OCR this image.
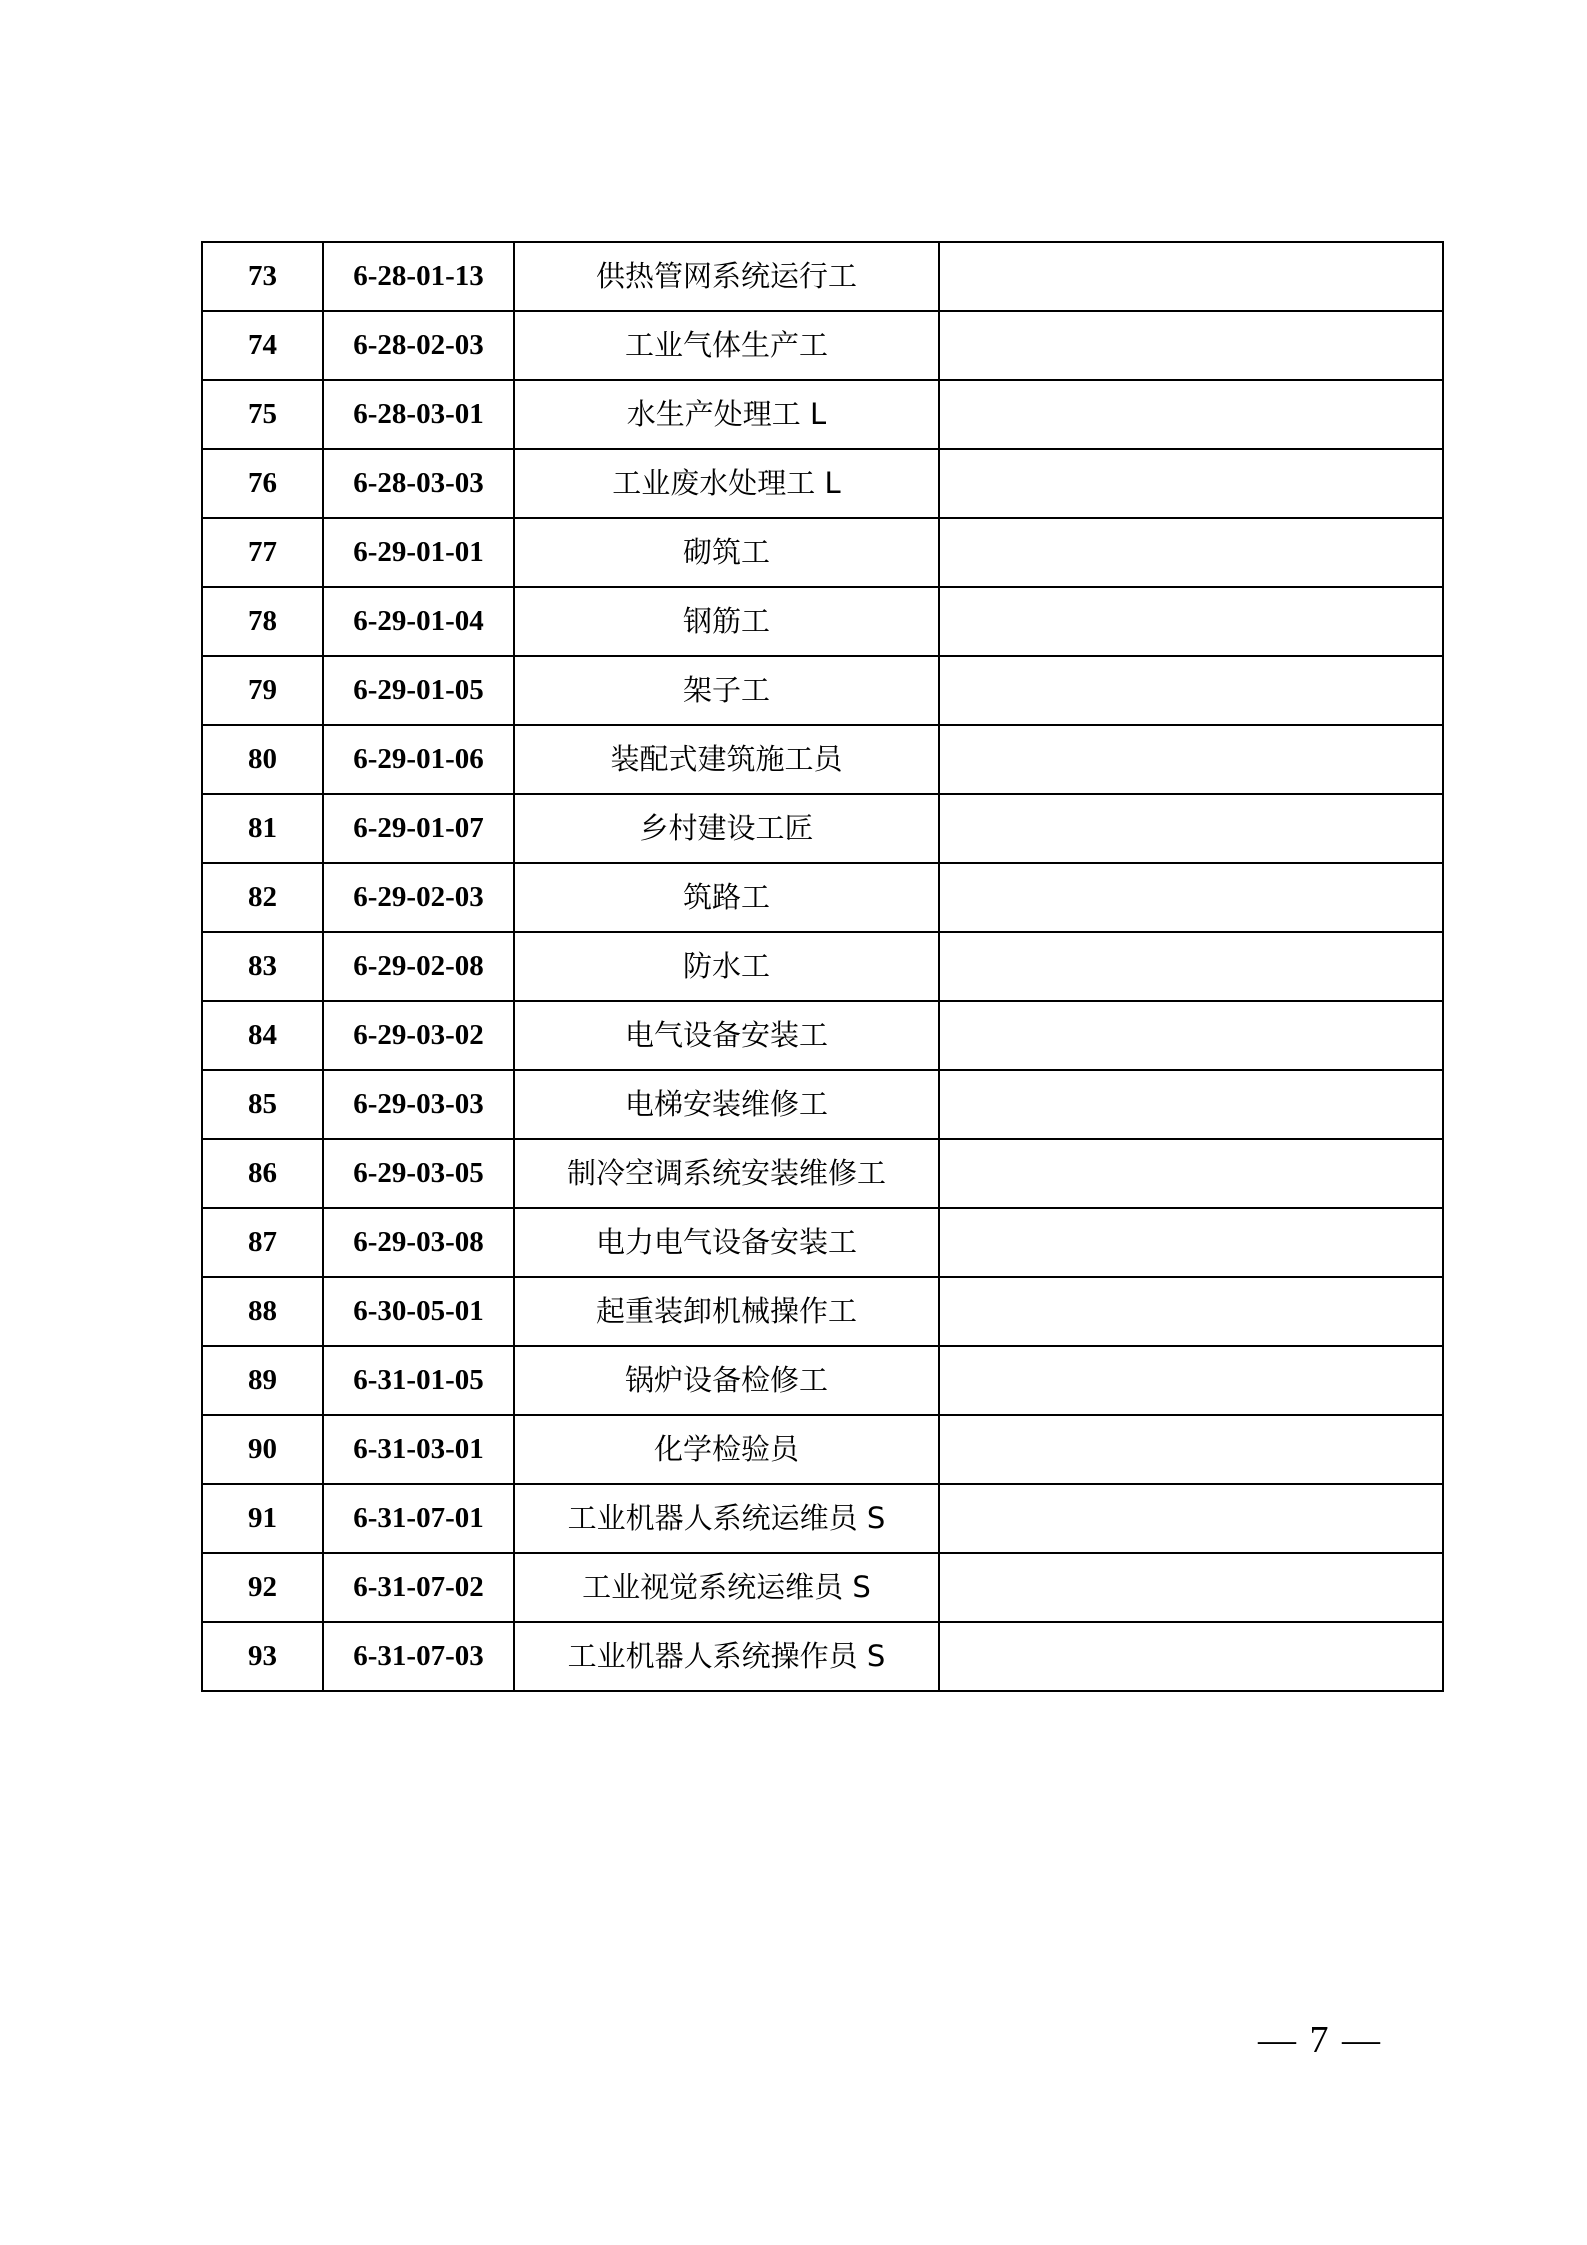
73	6-28-01-13	供热管网系统运行工	
74	6-28-02-03	工业气体生产工	
75	6-28-03-01	水生产处理工 L	
76	6-28-03-03	工业废水处理工 L	
77	6-29-01-01	砌筑工	
78	6-29-01-04	钢筋工	
79	6-29-01-05	架子工	
80	6-29-01-06	装配式建筑施工员	
81	6-29-01-07	乡村建设工匠	
82	6-29-02-03	筑路工	
83	6-29-02-08	防水工	
84	6-29-03-02	电气设备安装工	
85	6-29-03-03	电梯安装维修工	
86	6-29-03-05	制冷空调系统安装维修工	
87	6-29-03-08	电力电气设备安装工	
88	6-30-05-01	起重装卸机械操作工	
89	6-31-01-05	锅炉设备检修工	
90	6-31-03-01	化学检验员	
91	6-31-07-01	工业机器人系统运维员 S	
92	6-31-07-02	工业视觉系统运维员 S	
93	6-31-07-03	工业机器人系统操作员 S	
— 7 —
